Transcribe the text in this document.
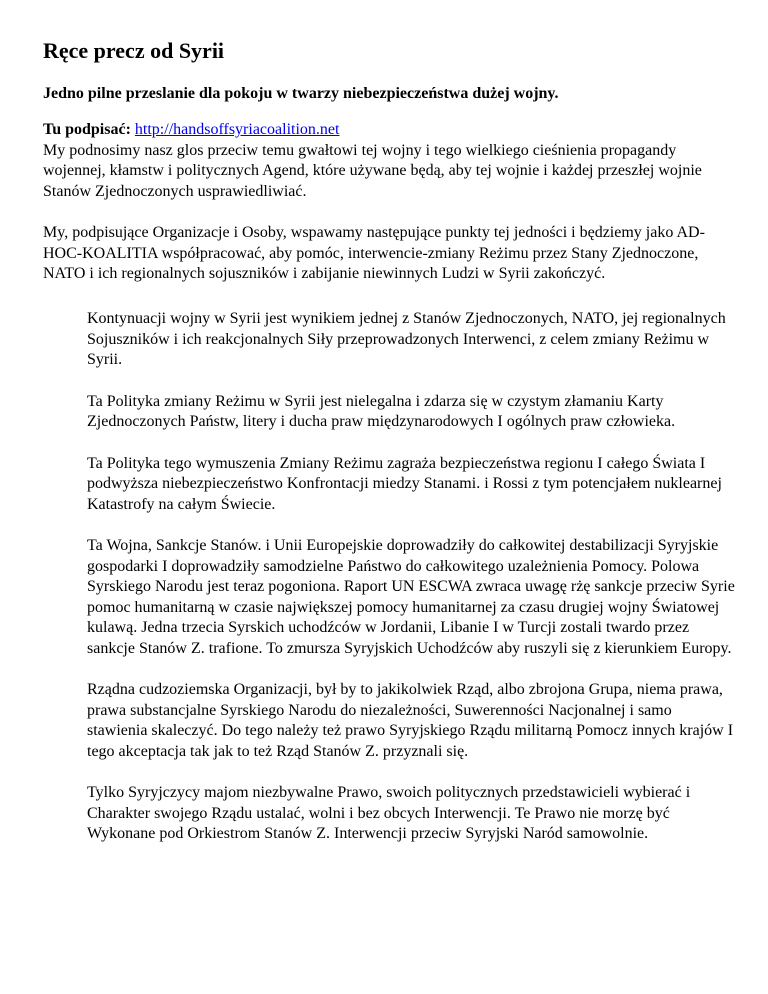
Ręce precz od Syrii

Jedno pilne przeslanie dla pokoju w twarzy niebezpieczeństwa dużej wojny.

Tu podpisać: http://handsoffsyriacoalition.net
My podnosimy nasz glos przeciw temu gwałtowi tej wojny i tego wielkiego cieśnienia propagandy wojennej, kłamstw i politycznych Agend, które używane będą, aby tej wojnie i każdej przeszłej wojnie Stanów Zjednoczonych usprawiedliwiać.

My, podpisujące Organizacje i Osoby, wspawamy następujące punkty tej jedności i będziemy jako AD-HOC-KOALITIA współpracować, aby pomóc, interwencie-zmiany Reżimu przez Stany Zjednoczone, NATO i ich regionalnych sojuszników i zabijanie niewinnych Ludzi w Syrii zakończyć.

Kontynuacji wojny w Syrii jest wynikiem jednej z Stanów Zjednoczonych, NATO, jej regionalnych Sojuszników i ich reakcjonalnych Siły przeprowadzonych Interwenci, z celem zmiany Reżimu w Syrii.

Ta Polityka zmiany Reżimu w Syrii jest nielegalna i zdarza się w czystym złamaniu Karty Zjednoczonych Państw, litery i ducha praw międzynarodowych I ogólnych praw człowieka.

Ta Polityka tego wymuszenia Zmiany Reżimu zagraża bezpieczeństwa regionu I całego Świata I podwyższa niebezpieczeństwo Konfrontacji miedzy Stanami. i Rossi z tym potencjałem nuklearnej Katastrofy na całym Świecie.

Ta Wojna, Sankcje Stanów. i Unii Europejskie doprowadziły do całkowitej destabilizacji Syryjskie gospodarki I doprowadziły samodzielne Państwo do całkowitego uzależnienia Pomocy. Polowa Syrskiego Narodu jest teraz pogoniona. Raport UN ESCWA zwraca uwagę rżę sankcje przeciw Syrie pomoc humanitarną w czasie największej pomocy humanitarnej za czasu drugiej wojny Światowej kulawą. Jedna trzecia Syrskich uchodźców w Jordanii, Libanie I w Turcji zostali twardo przez sankcje Stanów Z. trafione. To zmursza Syryjskich Uchodźców aby ruszyli się z kierunkiem Europy.

Rządna cudzoziemska Organizacji, był by to jakikolwiek Rząd, albo zbrojona Grupa, niema prawa, prawa substancjalne Syrskiego Narodu do niezależności, Suwerenności Nacjonalnej i samo stawienia skaleczyć. Do tego należy też prawo Syryjskiego Rządu militarną Pomocz innych krajów I tego akceptacja tak jak to też Rząd Stanów Z. przyznali się.

Tylko Syryjczycy majom niezbywalne Prawo, swoich politycznych przedstawicieli wybierać i Charakter swojego Rządu ustalać, wolni i bez obcych Interwencji. Te Prawo nie morzę być Wykonane pod Orkiestrom Stanów Z. Interwencji przeciw Syryjski Naród samowolnie.
